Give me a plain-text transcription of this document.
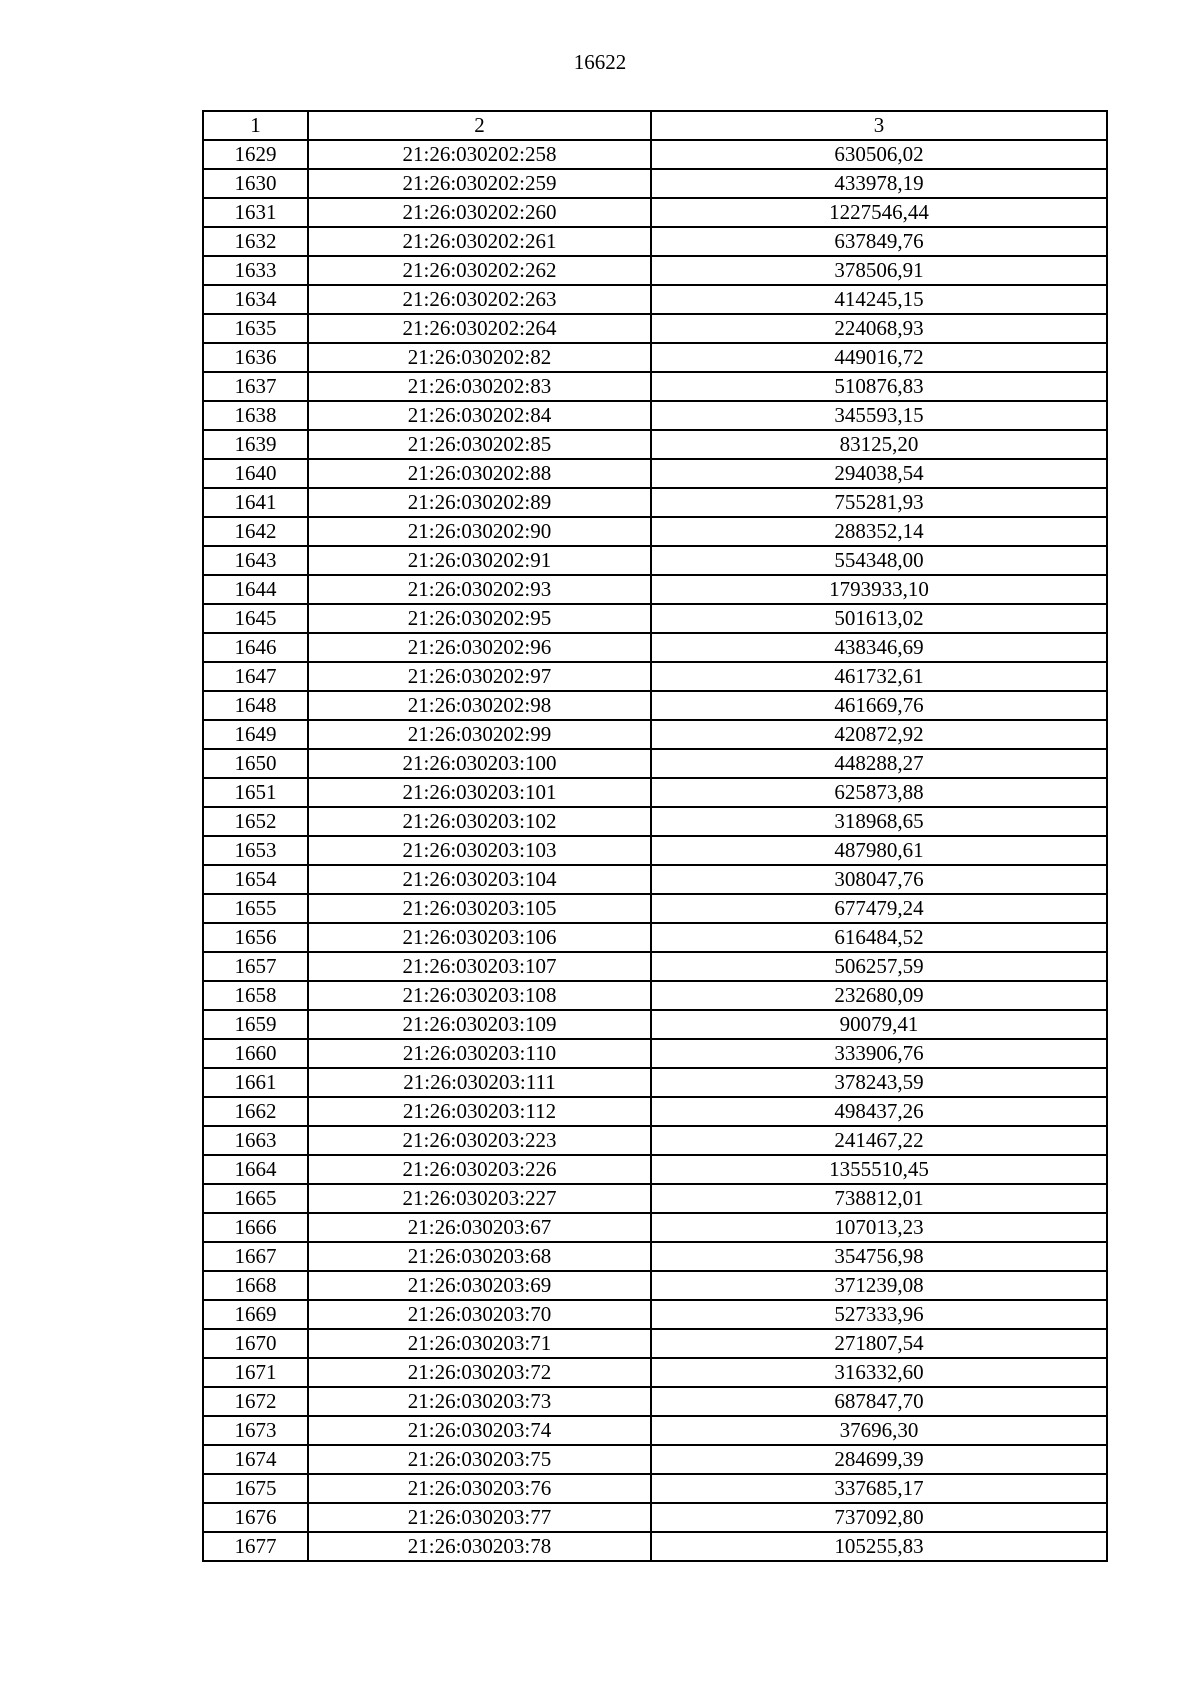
16622
1	2	3
1629	21:26:030202:258	630506,02
1630	21:26:030202:259	433978,19
1631	21:26:030202:260	1227546,44
1632	21:26:030202:261	637849,76
1633	21:26:030202:262	378506,91
1634	21:26:030202:263	414245,15
1635	21:26:030202:264	224068,93
1636	21:26:030202:82	449016,72
1637	21:26:030202:83	510876,83
1638	21:26:030202:84	345593,15
1639	21:26:030202:85	83125,20
1640	21:26:030202:88	294038,54
1641	21:26:030202:89	755281,93
1642	21:26:030202:90	288352,14
1643	21:26:030202:91	554348,00
1644	21:26:030202:93	1793933,10
1645	21:26:030202:95	501613,02
1646	21:26:030202:96	438346,69
1647	21:26:030202:97	461732,61
1648	21:26:030202:98	461669,76
1649	21:26:030202:99	420872,92
1650	21:26:030203:100	448288,27
1651	21:26:030203:101	625873,88
1652	21:26:030203:102	318968,65
1653	21:26:030203:103	487980,61
1654	21:26:030203:104	308047,76
1655	21:26:030203:105	677479,24
1656	21:26:030203:106	616484,52
1657	21:26:030203:107	506257,59
1658	21:26:030203:108	232680,09
1659	21:26:030203:109	90079,41
1660	21:26:030203:110	333906,76
1661	21:26:030203:111	378243,59
1662	21:26:030203:112	498437,26
1663	21:26:030203:223	241467,22
1664	21:26:030203:226	1355510,45
1665	21:26:030203:227	738812,01
1666	21:26:030203:67	107013,23
1667	21:26:030203:68	354756,98
1668	21:26:030203:69	371239,08
1669	21:26:030203:70	527333,96
1670	21:26:030203:71	271807,54
1671	21:26:030203:72	316332,60
1672	21:26:030203:73	687847,70
1673	21:26:030203:74	37696,30
1674	21:26:030203:75	284699,39
1675	21:26:030203:76	337685,17
1676	21:26:030203:77	737092,80
1677	21:26:030203:78	105255,83
